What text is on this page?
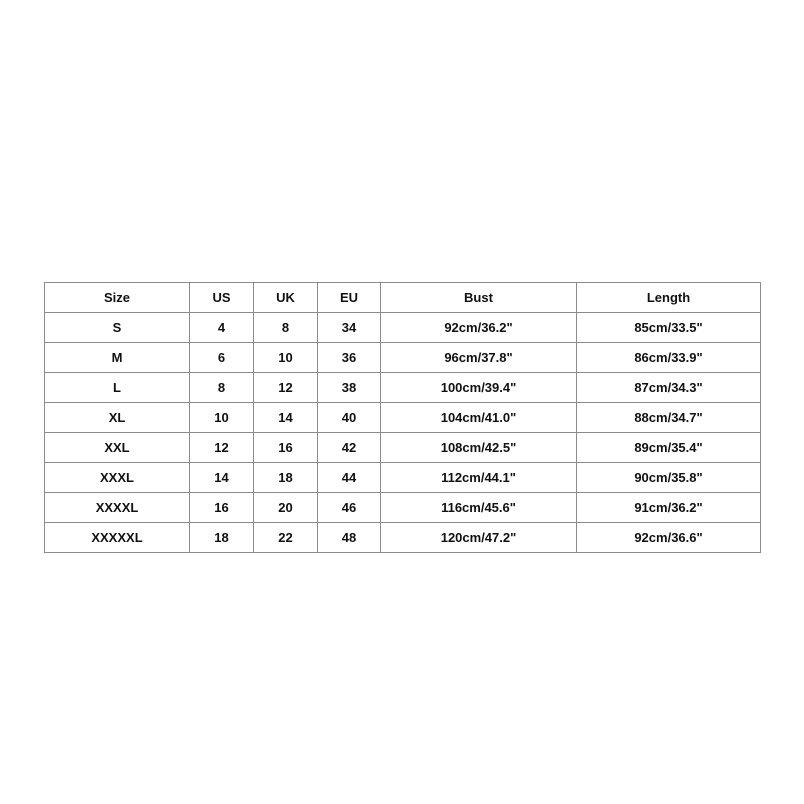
Size	US	UK	EU	Bust	Length
S	4	8	34	92cm/36.2"	85cm/33.5"
M	6	10	36	96cm/37.8"	86cm/33.9"
L	8	12	38	100cm/39.4"	87cm/34.3"
XL	10	14	40	104cm/41.0"	88cm/34.7"
XXL	12	16	42	108cm/42.5"	89cm/35.4"
XXXL	14	18	44	112cm/44.1"	90cm/35.8"
XXXXL	16	20	46	116cm/45.6"	91cm/36.2"
XXXXXL	18	22	48	120cm/47.2"	92cm/36.6"
